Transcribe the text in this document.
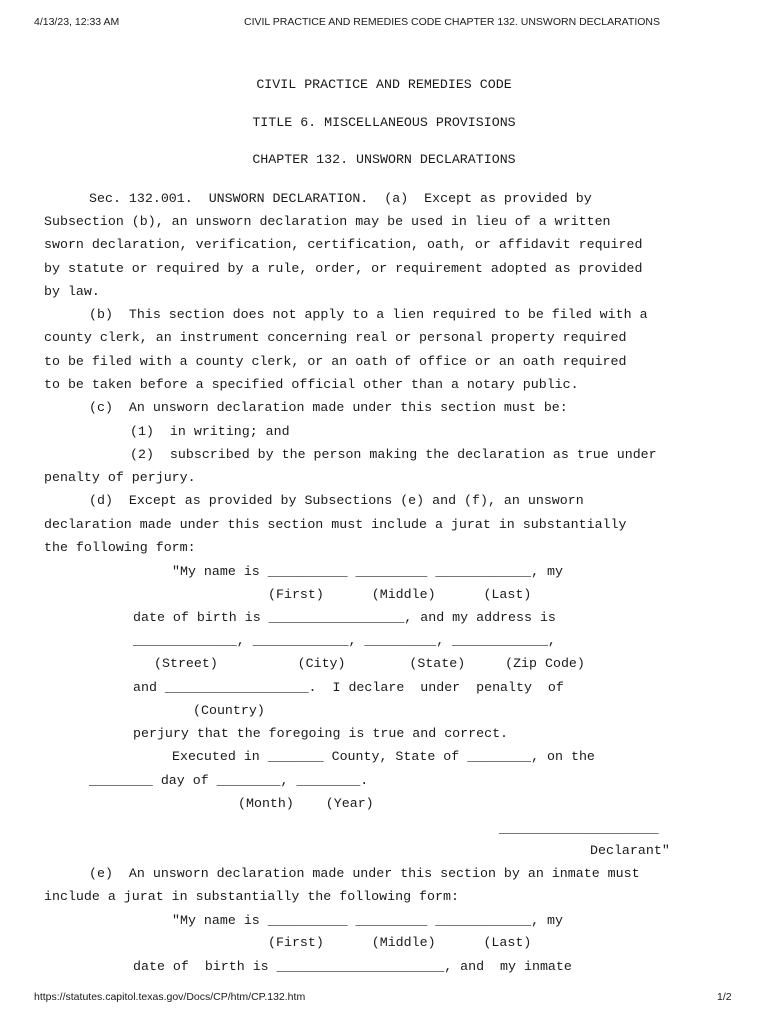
4/13/23, 12:33 AM	CIVIL PRACTICE AND REMEDIES CODE CHAPTER 132. UNSWORN DECLARATIONS
CIVIL PRACTICE AND REMEDIES CODE
TITLE 6. MISCELLANEOUS PROVISIONS
CHAPTER 132. UNSWORN DECLARATIONS
Sec. 132.001.  UNSWORN DECLARATION.  (a)  Except as provided by
Subsection (b), an unsworn declaration may be used in lieu of a written
sworn declaration, verification, certification, oath, or affidavit required
by statute or required by a rule, order, or requirement adopted as provided
by law.
(b)  This section does not apply to a lien required to be filed with a
county clerk, an instrument concerning real or personal property required
to be filed with a county clerk, or an oath of office or an oath required
to be taken before a specified official other than a notary public.
(c)  An unsworn declaration made under this section must be:
(1)  in writing; and
(2)  subscribed by the person making the declaration as true under
penalty of perjury.
(d)  Except as provided by Subsections (e) and (f), an unsworn
declaration made under this section must include a jurat in substantially
the following form:
"My name is __________ _________ ____________, my
(First)      (Middle)      (Last)
date of birth is _________________, and my address is
_____________, ____________, _________, ____________,
(Street)          (City)        (State)     (Zip Code)
and __________________.  I declare  under  penalty  of
(Country)
perjury that the foregoing is true and correct.
Executed in _______ County, State of ________, on the
________ day of ________, ________.
(Month)    (Year)
____________________
Declarant"
(e)  An unsworn declaration made under this section by an inmate must
include a jurat in substantially the following form:
"My name is __________ _________ ____________, my
(First)      (Middle)      (Last)
date of  birth is _____________________, and  my inmate
https://statutes.capitol.texas.gov/Docs/CP/htm/CP.132.htm	1/2
